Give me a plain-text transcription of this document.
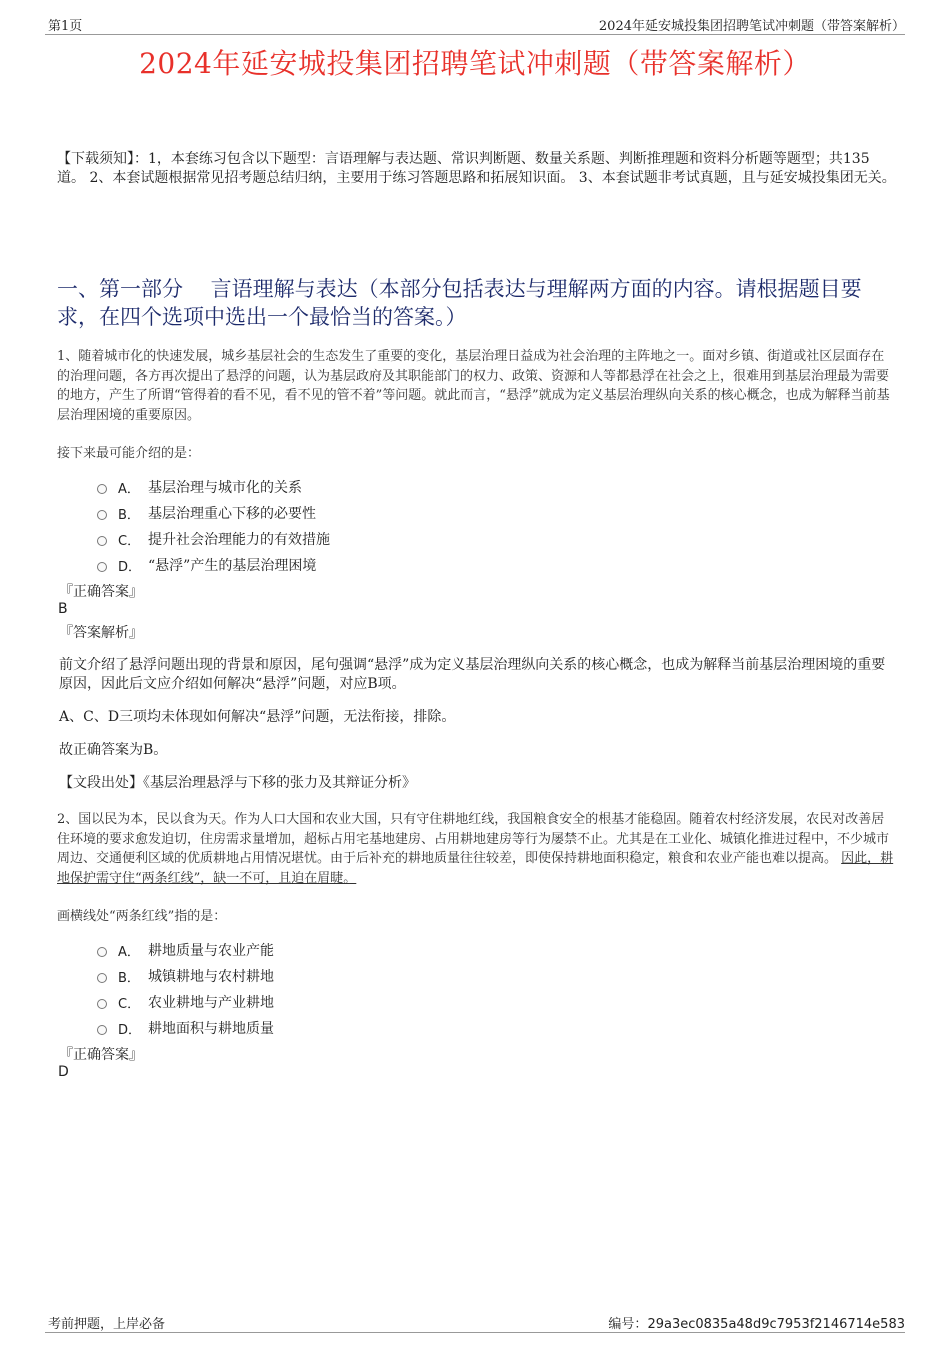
第1页	2024年延安城投集团招聘笔试冲刺题（带答案解析）
2024年延安城投集团招聘笔试冲刺题（带答案解析）
【下载须知】：1，本套练习包含以下题型：言语理解与表达题、常识判断题、数量关系题、判断推理题和资料分析题等题型；共135道。 2、本套试题根据常见招考题总结归纳，主要用于练习答题思路和拓展知识面。 3、本套试题非考试真题，且与延安城投集团无关。
一、第一部分　 言语理解与表达（本部分包括表达与理解两方面的内容。请根据题目要求，在四个选项中选出一个最恰当的答案。）
1、随着城市化的快速发展，城乡基层社会的生态发生了重要的变化，基层治理日益成为社会治理的主阵地之一。面对乡镇、街道或社区层面存在的治理问题，各方再次提出了悬浮的问题，认为基层政府及其职能部门的权力、政策、资源和人等都悬浮在社会之上，很难用到基层治理最为需要的地方，产生了所谓“管得着的看不见，看不见的管不着”等问题。就此而言，“悬浮”就成为定义基层治理纵向关系的核心概念，也成为解释当前基层治理困境的重要原因。
接下来最可能介绍的是：
A． 基层治理与城市化的关系
B． 基层治理重心下移的必要性
C． 提升社会治理能力的有效措施
D． “悬浮”产生的基层治理困境
『正确答案』
B
『答案解析』
前文介绍了悬浮问题出现的背景和原因，尾句强调“悬浮”成为定义基层治理纵向关系的核心概念，也成为解释当前基层治理困境的重要原因，因此后文应介绍如何解决“悬浮”问题，对应B项。
A、C、D三项均未体现如何解决“悬浮”问题，无法衔接，排除。
故正确答案为B。
【文段出处】《基层治理悬浮与下移的张力及其辩证分析》
2、国以民为本，民以食为天。作为人口大国和农业大国，只有守住耕地红线，我国粮食安全的根基才能稳固。随着农村经济发展，农民对改善居住环境的要求愈发迫切，住房需求量增加，超标占用宅基地建房、占用耕地建房等行为屡禁不止。尤其是在工业化、城镇化推进过程中，不少城市周边、交通便利区域的优质耕地占用情况堪忧。由于后补充的耕地质量往往较差，即使保持耕地面积稳定，粮食和农业产能也难以提高。 因此，耕地保护需守住“两条红线”，缺一不可，且迫在眉睫。
画横线处“两条红线”指的是：
A． 耕地质量与农业产能
B． 城镇耕地与农村耕地
C． 农业耕地与产业耕地
D． 耕地面积与耕地质量
『正确答案』
D
考前押题，上岸必备	编号：29a3ec0835a48d9c7953f2146714e583
